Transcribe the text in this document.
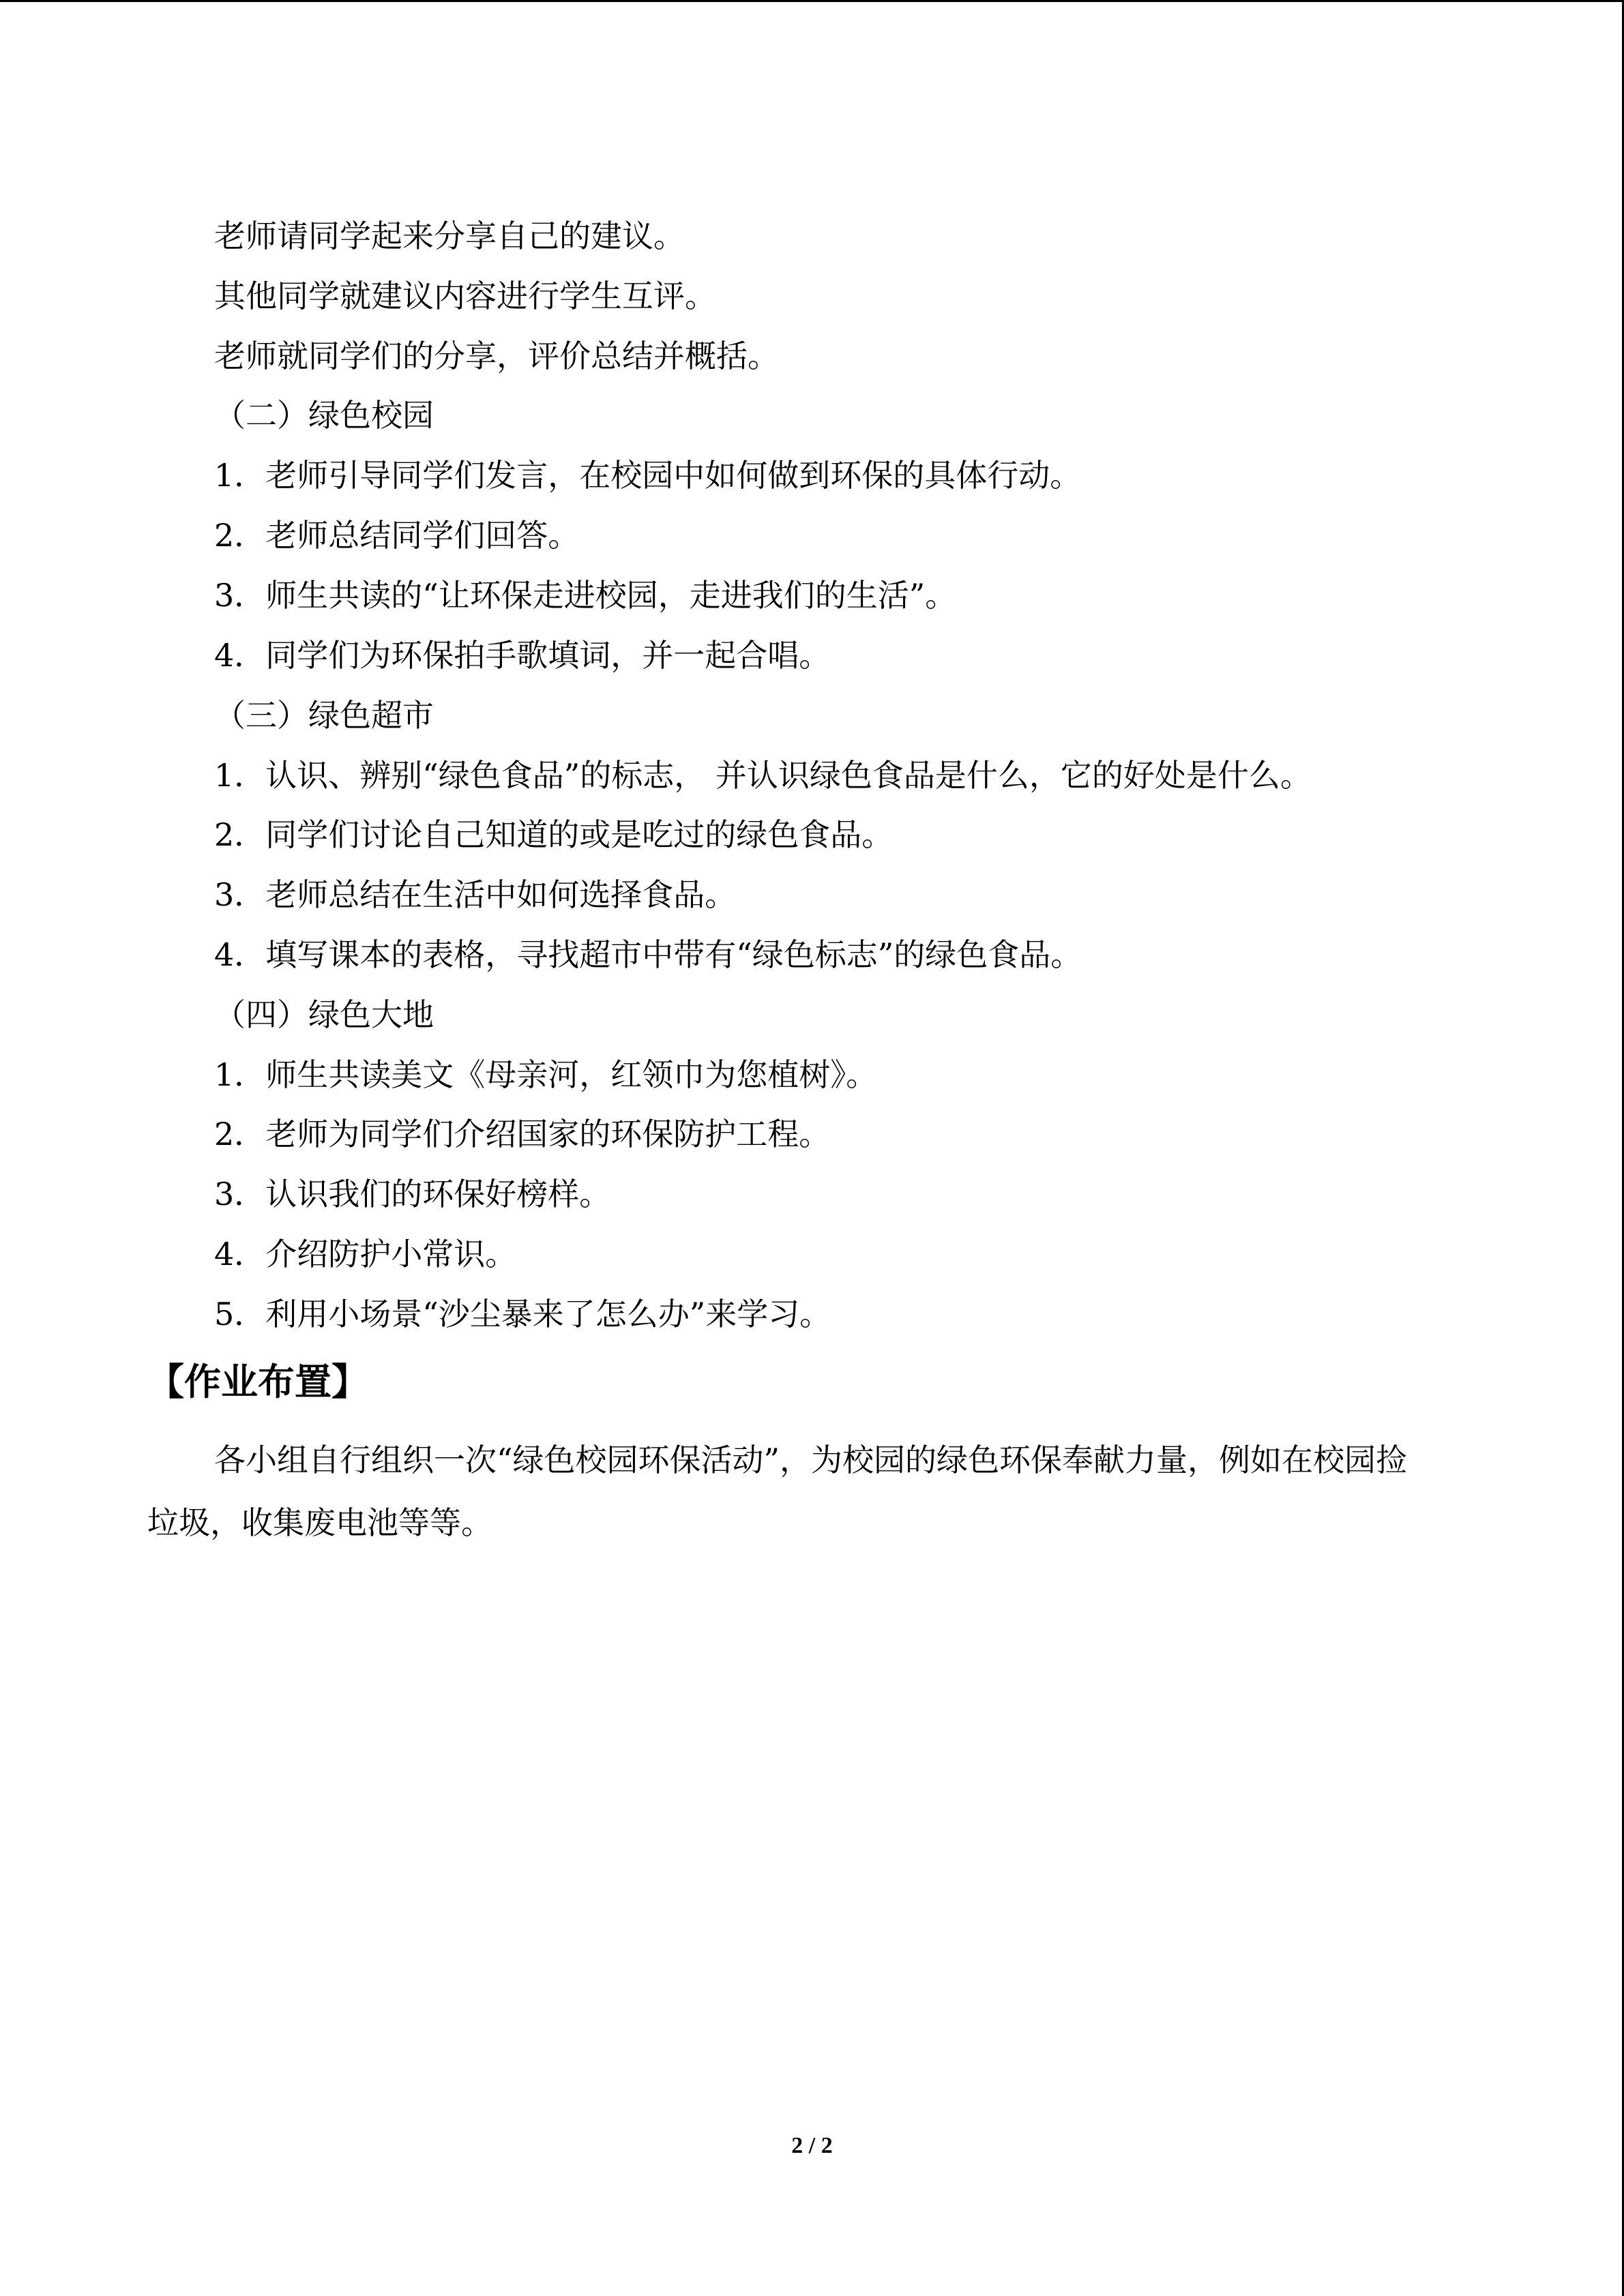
老师请同学起来分享自己的建议。
其他同学就建议内容进行学生互评。
老师就同学们的分享，评价总结并概括。
（二）绿色校园
1．老师引导同学们发言，在校园中如何做到环保的具体行动。
2．老师总结同学们回答。
3．师生共读的“让环保走进校园，走进我们的生活”。
4．同学们为环保拍手歌填词，并一起合唱。
（三）绿色超市
1．认识、辨别“绿色食品”的标志， 并认识绿色食品是什么，它的好处是什么。
2．同学们讨论自己知道的或是吃过的绿色食品。
3．老师总结在生活中如何选择食品。
4．填写课本的表格，寻找超市中带有“绿色标志”的绿色食品。
（四）绿色大地
1．师生共读美文《母亲河，红领巾为您植树》。
2．老师为同学们介绍国家的环保防护工程。
3．认识我们的环保好榜样。
4．介绍防护小常识。
5．利用小场景“沙尘暴来了怎么办”来学习。
【作业布置】
各小组自行组织一次“绿色校园环保活动”，为校园的绿色环保奉献力量，例如在校园捡
垃圾，收集废电池等等。
2 / 2
